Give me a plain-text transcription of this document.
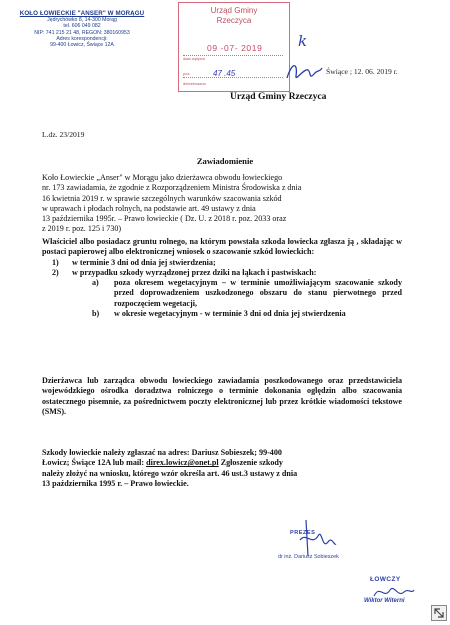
KOŁO ŁOWIECKIE "ANSER" W MORĄGU
Jędrychówko 8, 14-300 Morąg
tel. 606 049 082
NIP: 741 215 21 48, REGON: 380160953
Adres korespondencji:
99-400 Łowicz, Świące 12A
Urząd Gminy
Rzeczyca
data wpływu
09 -07- 2019
poz.	47 .45
dekretowano
k
Świące ; 12. 06. 2019 r.
Urząd Gminy Rzeczyca
L.dz. 23/2019
Zawiadomienie
Koło Łowieckie „Anser" w Morągu jako dzierżawca obwodu łowieckiego
nr. 173 zawiadamia, że zgodnie z Rozporządzeniem Ministra Środowiska z dnia
16 kwietnia 2019 r. w sprawie szczególnych warunków szacowania szkód
w uprawach i płodach rolnych, na podstawie art. 49 ustawy z dnia
13 października 1995r. – Prawo łowieckie ( Dz. U. z 2018 r. poz. 2033 oraz
z 2019 r. poz. 125 i 730)

Właściciel albo posiadacz gruntu rolnego, na którym powstała szkoda łowiecka zgłasza ją , składając w postaci papierowej albo elektronicznej wniosek o szacowanie szkód łowieckich:

1)	w terminie 3 dni od dnia jej stwierdzenia;
2)	w przypadku szkody wyrządzonej przez dziki na łąkach i pastwiskach:
a)	poza okresem wegetacyjnym – w terminie umożliwiającym szacowanie szkody przed doprowadzeniem uszkodzonego obszaru do stanu pierwotnego przed rozpoczęciem wegetacji,
b)	w okresie wegetacyjnym - w terminie 3 dni od dnia jej stwierdzenia
Dzierżawca lub zarządca obwodu łowieckiego zawiadamia poszkodowanego oraz przedstawiciela wojewódzkiego ośrodka doradztwa rolniczego o terminie dokonania oględzin albo szacowania ostatecznego pisemnie, za pośrednictwem poczty elektronicznej lub przez krótkie wiadomości tekstowe (SMS).
Szkody łowieckie należy zgłaszać na adres: Dariusz Sobieszek; 99-400
Łowicz; Świące 12A lub mail: direx.lowicz@onet.pl Zgłoszenie szkody
należy złożyć na wniosku, którego wzór określa art. 46 ust.3 ustawy z dnia
13 października 1995 r. – Prawo łowieckie.
PREZES
dr inż. Dariusz Sobieszek
ŁOWCZY
Wiktor Witerni
